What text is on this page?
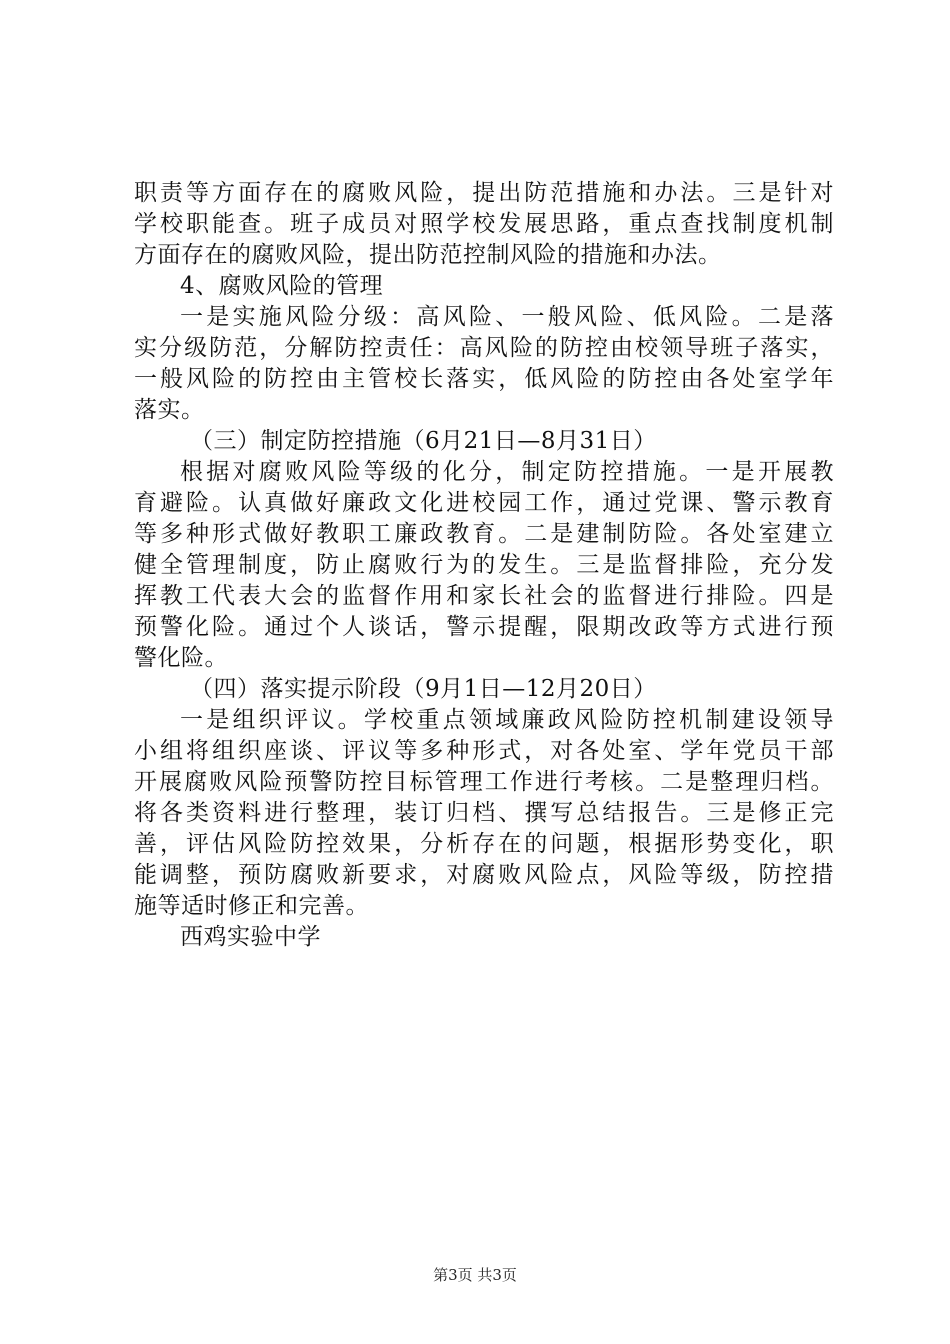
职责等方面存在的腐败风险，提出防范措施和办法。三是针对
学校职能查。班子成员对照学校发展思路，重点查找制度机制
方面存在的腐败风险，提出防范控制风险的措施和办法。
4、腐败风险的管理
一是实施风险分级：高风险、一般风险、低风险。二是落
实分级防范，分解防控责任：高风险的防控由校领导班子落实，
一般风险的防控由主管校长落实，低风险的防控由各处室学年
落实。
（三）制定防控措施（6月21日—8月31日）
根据对腐败风险等级的化分，制定防控措施。一是开展教
育避险。认真做好廉政文化进校园工作，通过党课、警示教育
等多种形式做好教职工廉政教育。二是建制防险。各处室建立
健全管理制度，防止腐败行为的发生。三是监督排险，充分发
挥教工代表大会的监督作用和家长社会的监督进行排险。四是
预警化险。通过个人谈话，警示提醒，限期改政等方式进行预
警化险。
（四）落实提示阶段（9月1日—12月20日）
一是组织评议。学校重点领域廉政风险防控机制建设领导
小组将组织座谈、评议等多种形式，对各处室、学年党员干部
开展腐败风险预警防控目标管理工作进行考核。二是整理归档。
将各类资料进行整理，装订归档、撰写总结报告。三是修正完
善，评估风险防控效果，分析存在的问题，根据形势变化，职
能调整，预防腐败新要求，对腐败风险点，风险等级，防控措
施等适时修正和完善。
西鸡实验中学
第3页 共3页
